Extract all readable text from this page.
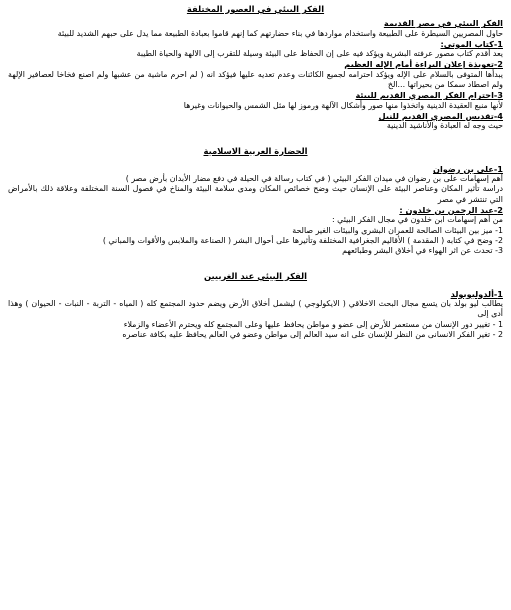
الفكر البيئي في العصور المختلفة
الفكر البيئي في مصر القديمة

حاول المصريين السيطرة على الطبيعة واستخدام مواردها في بناء حضارتهم كما إنهم قاموا بعبادة الطبيعة مما يدل على حبهم الشديد للبيئة

1-كتاب الموتى:

يعد أقدم كتاب مصور عرفته البشرية ويؤكد فيه على إن الحفاظ على البيئة وسيلة للتقرب إلى الالهة والحياة الطيبة

2-تعويذة إعلان البراءة أمام الإله العظيم

يبدأها المتوفى بالسلام على الإله ويؤكد احترامه لجميع الكائنات وعدم تعديه عليها فيؤكد انه ( لم احرم ماشية من عشبها ولم اصنع فخاخا لعصافير الإلهة ولم اصطاد سمكا من بحيراتها ...الخ

3-احترام الفكر المصري القديم للبيئة

لأنها منبع العقيدة الدينية واتخذوا منها صور وأشكال الآلهة ورموز لها مثل الشمس والحيوانات وغيرها

4-تقديس المصري القديم للنيل

حيث وجه له العبادة والأناشيد الدينية

الحضارة العربية الاسلامية
1-على بن رضوان

أهم إسهامات على بن رضوان في ميدان الفكر البيئي ( في كتاب رسالة في الحيلة في دفع مضار الأبدان بأرض مصر )

دراسة تأثير المكان وعناصر البيئة على الإنسان حيث وضح خصائص المكان ومدى سلامة البيئة والمناخ في فصول السنة المختلفة وعلاقة ذلك بالأمراض التي تنتشر في مصر

2-عبد الرحمن بن خلدون :

من أهم إسهامات ابن خلدون في مجال الفكر البيئي :

1- ميز بين البيئات الصالحة للعمران البشرى والبيئات الغير صالحة

2- وضح في كتابه ( المقدمة ) الأقاليم الجغرافية المختلفة وتأثيرها على أحوال البشر ( الصناعة والملابس والأقوات والمباني )

3- تحدث عن اثر الهواء في أخلاق البشر وطبائعهم

الفكر البيئي عند الغربيين
1-ألدوليوبولد

يطالب ليو بولد بان يتسع مجال البحث الاخلاقي ( الايكولوجي ) ليشمل أخلاق الأرض ويضم حدود المجتمع كله ( المياه - التربة - النبات - الحيوان ) وهذا أدى إلى

1 - تغيير دور الإنسان من مستعمر للأرض إلى عضو و مواطن يحافظ عليها وعلى المجتمع كله ويحترم الأعضاء والزملاء

2 - تغير الفكر الانسانى من النظر للإنسان على انه سيد العالم إلى مواطن وعضو في العالم يحافظ عليه بكافة عناصره
